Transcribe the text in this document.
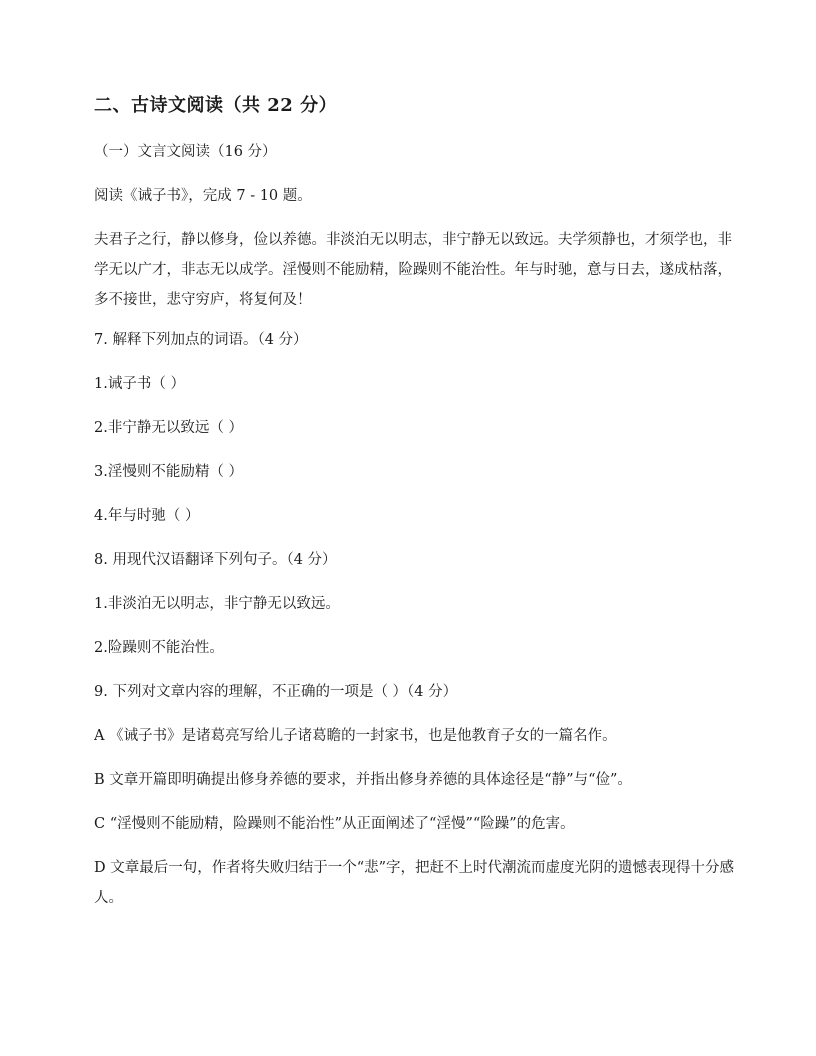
二、古诗文阅读（共 22 分）
（一）文言文阅读（16 分）
阅读《诫子书》，完成 7 - 10 题。
夫君子之行，静以修身，俭以养德。非淡泊无以明志，非宁静无以致远。夫学须静也，才须学也，非学无以广才，非志无以成学。淫慢则不能励精，险躁则不能治性。年与时驰，意与日去，遂成枯落，多不接世，悲守穷庐，将复何及！
7. 解释下列加点的词语。（4 分）
1.诫子书（ ）
2.非宁静无以致远（ ）
3.淫慢则不能励精（ ）
4.年与时驰（ ）
8. 用现代汉语翻译下列句子。（4 分）
1.非淡泊无以明志，非宁静无以致远。
2.险躁则不能治性。
9. 下列对文章内容的理解，不正确的一项是（ ）（4 分）
A 《诫子书》是诸葛亮写给儿子诸葛瞻的一封家书，也是他教育子女的一篇名作。
B 文章开篇即明确提出修身养德的要求，并指出修身养德的具体途径是“静”与“俭”。
C “淫慢则不能励精，险躁则不能治性”从正面阐述了“淫慢”“险躁”的危害。
D 文章最后一句，作者将失败归结于一个“悲”字，把赶不上时代潮流而虚度光阴的遗憾表现得十分感人。
